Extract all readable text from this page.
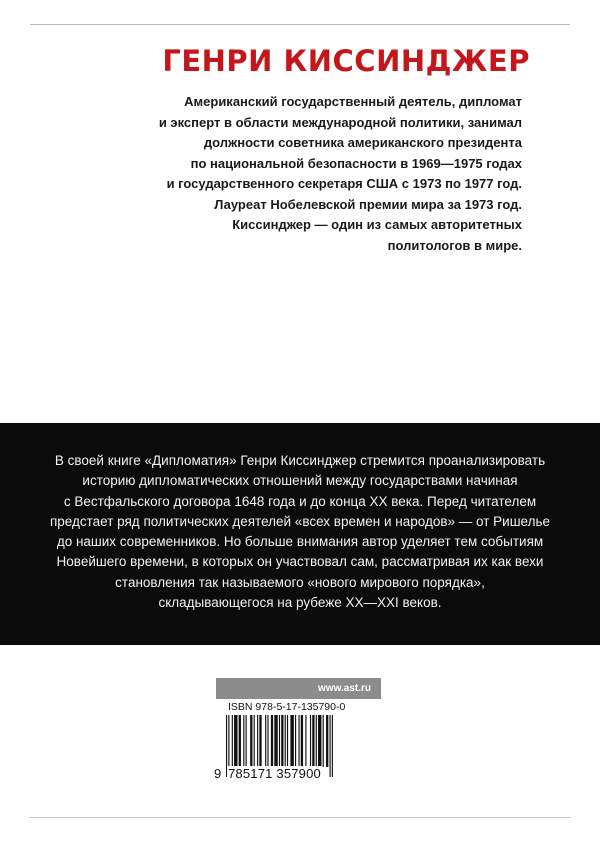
ГЕНРИ КИССИНДЖЕР
Американский государственный деятель, дипломат
и эксперт в области международной политики, занимал
должности советника американского президента
по национальной безопасности в 1969—1975 годах
и государственного секретаря США с 1973 по 1977 год.
Лауреат Нобелевской премии мира за 1973 год.
Киссинджер — один из самых авторитетных
политологов в мире.
В своей книге «Дипломатия» Генри Киссинджер стремится проанализировать
историю дипломатических отношений между государствами начиная
с Вестфальского договора 1648 года и до конца XX века. Перед читателем
предстает ряд политических деятелей «всех времен и народов» — от Ришелье
до наших современников. Но больше внимания автор уделяет тем событиям
Новейшего времени, в которых он участвовал сам, рассматривая их как вехи
становления так называемого «нового мирового порядка»,
складывающегося на рубеже XX—XXI веков.
www.ast.ru
ISBN 978-5-17-135790-0
9 785171 357900
